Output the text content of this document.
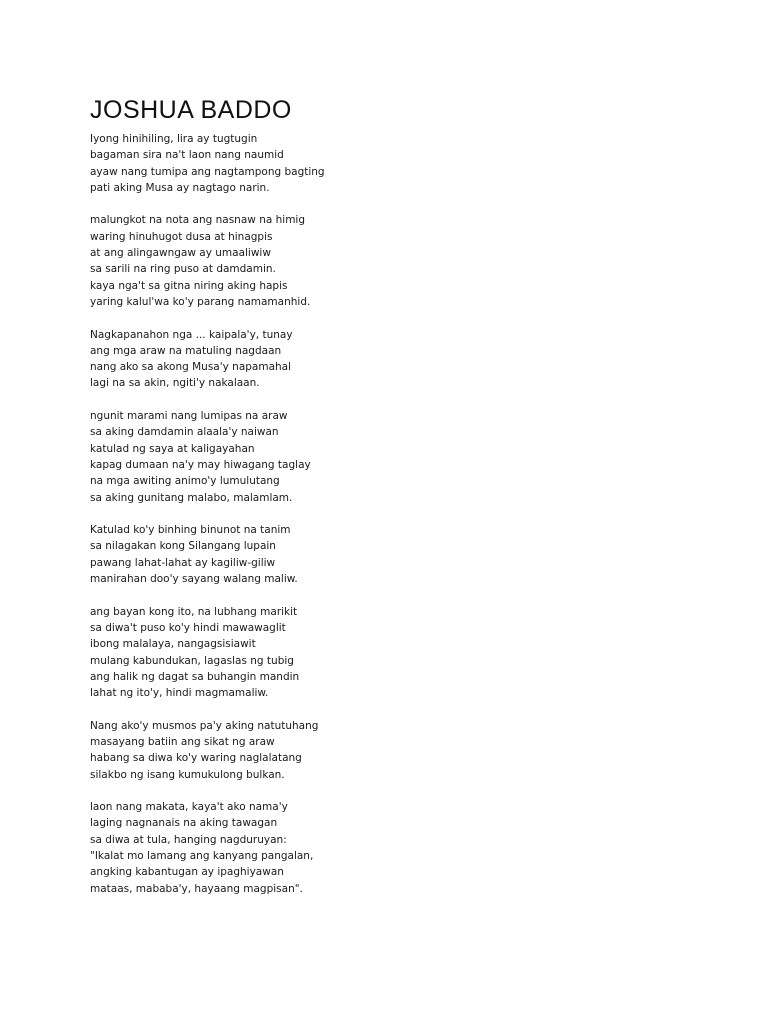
JOSHUA BADDO
Iyong hinihiling, lira ay tugtugin
bagaman sira na't laon nang naumid
ayaw nang tumipa ang nagtampong bagting
pati aking Musa ay nagtago narin.
malungkot na nota ang nasnaw na himig
waring hinuhugot dusa at hinagpis
at ang alingawngaw ay umaaliwiw
sa sarili na ring puso at damdamin.
kaya nga't sa gitna niring aking hapis
yaring kalul'wa ko'y parang namamanhid.
Nagkapanahon nga ... kaipala'y, tunay
ang mga araw na matuling nagdaan
nang ako sa akong Musa'y napamahal
lagi na sa akin, ngiti'y nakalaan.
ngunit marami nang lumipas na araw
sa aking damdamin alaala'y naiwan
katulad ng saya at kaligayahan
kapag dumaan na'y may hiwagang taglay
na mga awiting animo'y lumulutang
sa aking gunitang malabo, malamlam.
Katulad ko'y binhing binunot na tanim
sa nilagakan kong Silangang lupain
pawang lahat-lahat ay kagiliw-giliw
manirahan doo'y sayang walang maliw.
ang bayan kong ito, na lubhang marikit
sa diwa't puso ko'y hindi mawawaglit
ibong malalaya, nangagsisiawit
mulang kabundukan, lagaslas ng tubig
ang halik ng dagat sa buhangin mandin
lahat ng ito'y, hindi magmamaliw.
Nang ako'y musmos pa'y aking natutuhang
masayang batiin ang sikat ng araw
habang sa diwa ko'y waring naglalatang
silakbo ng isang kumukulong bulkan.
laon nang makata, kaya't ako nama'y
laging nagnanais na aking tawagan
sa diwa at tula, hanging nagduruyan:
"Ikalat mo lamang ang kanyang pangalan,
angking kabantugan ay ipaghiyawan
mataas, mababa'y, hayaang magpisan".
